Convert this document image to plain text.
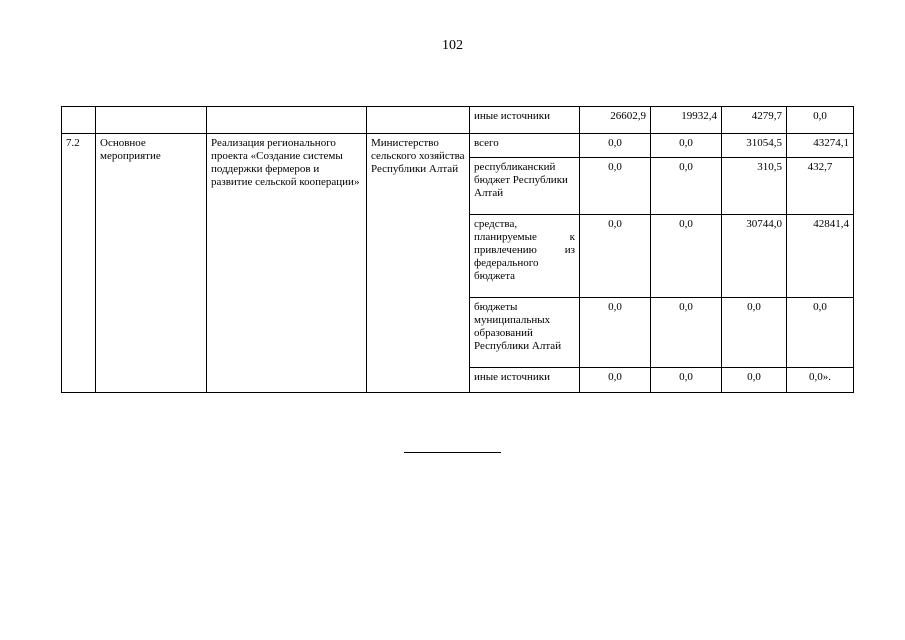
102
				иные источники	26602,9	19932,4	4279,7	0,0
7.2	Основное мероприятие	Реализация регионального проекта «Создание системы поддержки фермеров и развитие сельской кооперации»	Министерство сельского хозяйства Республики Алтай	всего	0,0	0,0	31054,5	43274,1
				республиканский бюджет Республики Алтай	0,0	0,0	310,5	432,7

				средства,
планируемые к
привлечению из
федерального
бюджета	0,0	0,0	30744,0	42841,4
				бюджеты муниципальных образований Республики Алтай	0,0	0,0	0,0	0,0
				иные источники	0,0	0,0	0,0	0,0».
